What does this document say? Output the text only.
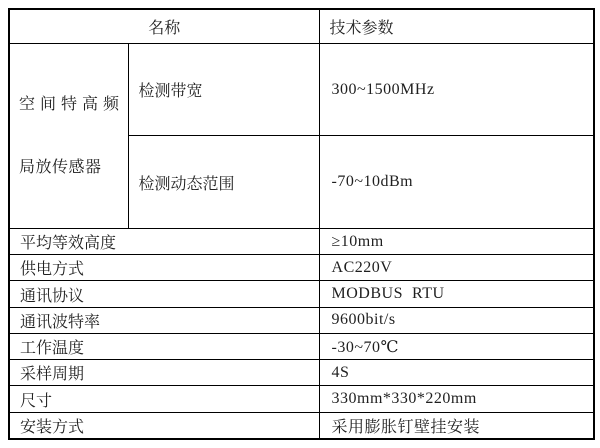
名称		技术参数

空间特高频

局放传感器	检测带宽	300~1500MHz
	检测动态范围	-70~10dBm
平均等效高度		≥10mm
供电方式		AC220V
通讯协议		MODBUS  RTU
通讯波特率		9600bit/s
工作温度		-30~70℃
采样周期		4S
尺寸		330mm*330*220mm
安装方式		采用膨胀钉壁挂安装
